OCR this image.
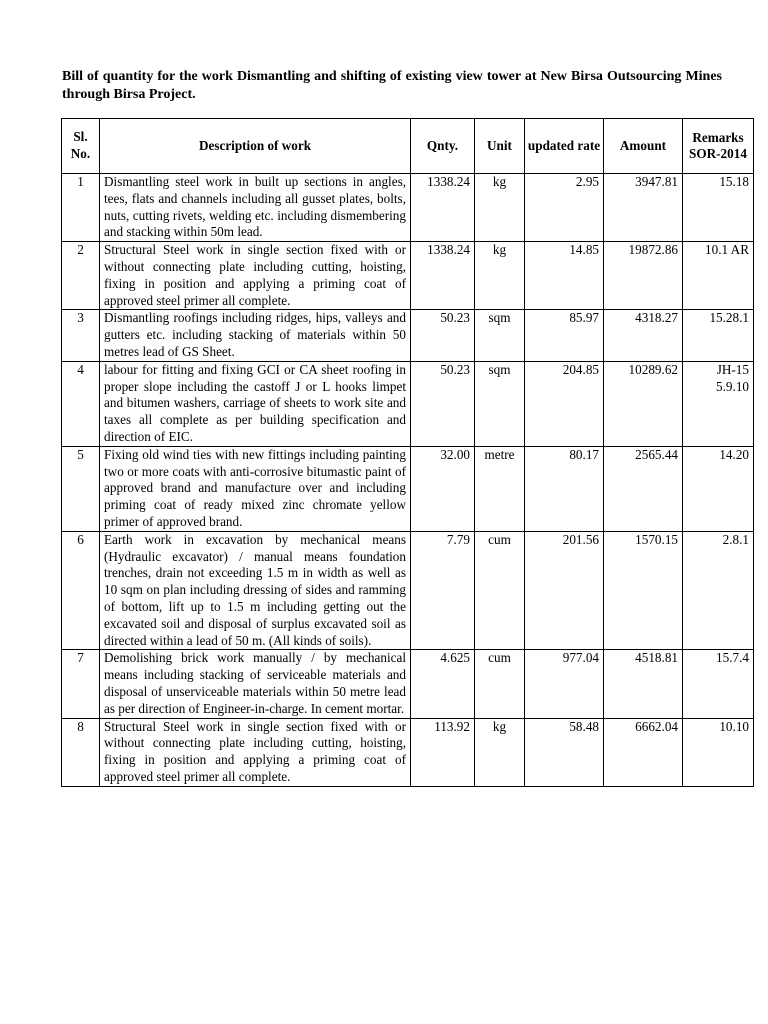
Bill of quantity for the work Dismantling and shifting of existing view tower at New Birsa Outsourcing Mines through Birsa Project.
Sl. No.	Description of work	Qnty.	Unit	updated rate	Amount	Remarks SOR-2014
1	Dismantling steel work in built up sections in angles, tees, flats and channels including all gusset plates, bolts, nuts, cutting rivets, welding etc. including dismembering and stacking within 50m lead.	1338.24	kg	2.95	3947.81	15.18
2	Structural Steel work in single section fixed with or without connecting plate including cutting, hoisting, fixing in position and applying a priming coat of approved steel primer all complete.	1338.24	kg	14.85	19872.86	10.1 AR
3	Dismantling roofings including ridges, hips, valleys and gutters etc. including stacking of materials within 50 metres lead of GS Sheet.	50.23	sqm	85.97	4318.27	15.28.1
4	labour for fitting and fixing GCI or CA sheet roofing in proper slope including the castoff J or L hooks limpet and bitumen washers, carriage of sheets to work site and taxes all complete as per building specification and direction of EIC.	50.23	sqm	204.85	10289.62	JH-15 5.9.10
5	Fixing old wind ties with new fittings including painting two or more coats with anti-corrosive bitumastic paint of approved brand and manufacture over and including priming coat of ready mixed zinc chromate yellow primer of approved brand.	32.00	metre	80.17	2565.44	14.20
6	Earth work in excavation by mechanical means (Hydraulic excavator) / manual means foundation trenches, drain not exceeding 1.5 m in width as well as 10 sqm on plan including dressing of sides and ramming of bottom, lift up to 1.5 m including getting out the excavated soil and disposal of surplus excavated soil as directed within a lead of 50 m. (All kinds of soils).	7.79	cum	201.56	1570.15	2.8.1
7	Demolishing brick work manually / by mechanical means including stacking of serviceable materials and disposal of unserviceable materials within 50 metre lead as per direction of Engineer-in-charge. In cement mortar.	4.625	cum	977.04	4518.81	15.7.4
8	Structural Steel work in single section fixed with or without connecting plate including cutting, hoisting, fixing in position and applying a priming coat of approved steel primer all complete.	113.92	kg	58.48	6662.04	10.10
